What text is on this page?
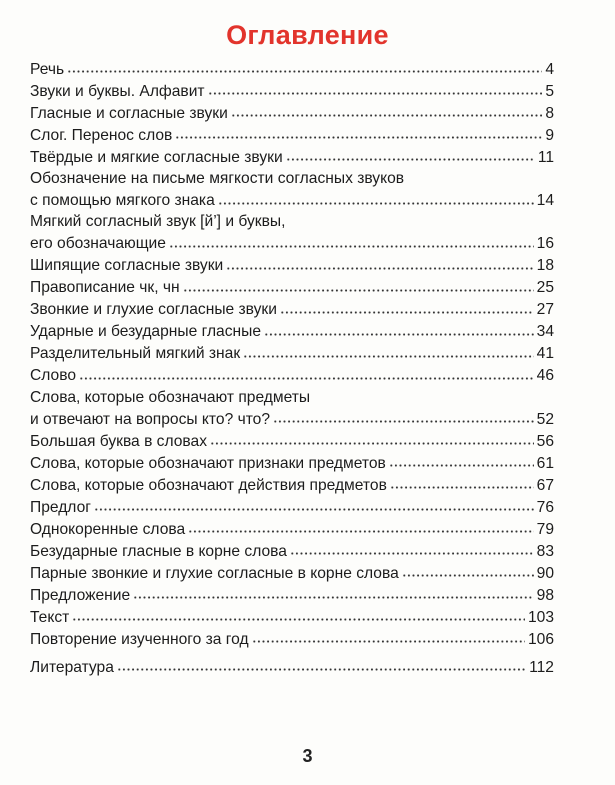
Оглавление
Речь	4
Звуки и буквы. Алфавит	5
Гласные и согласные звуки	8
Слог. Перенос слов	9
Твёрдые и мягкие согласные звуки	11
Обозначение на письме мягкости согласных звуков
с помощью мягкого знака	14
Мягкий согласный звук [й’] и буквы,
его обозначающие	16
Шипящие согласные звуки	18
Правописание чк, чн	25
Звонкие и глухие согласные звуки	27
Ударные и безударные гласные	34
Разделительный мягкий знак	41
Слово	46
Слова, которые обозначают предметы
и отвечают на вопросы кто? что?	52
Большая буква в словах	56
Слова, которые обозначают признаки предметов	61
Слова, которые обозначают действия предметов	67
Предлог	76
Однокоренные слова	79
Безударные гласные в корне слова	83
Парные звонкие и глухие согласные в корне слова	90
Предложение	98
Текст	103
Повторение изученного за год	106
Литература	112
3
